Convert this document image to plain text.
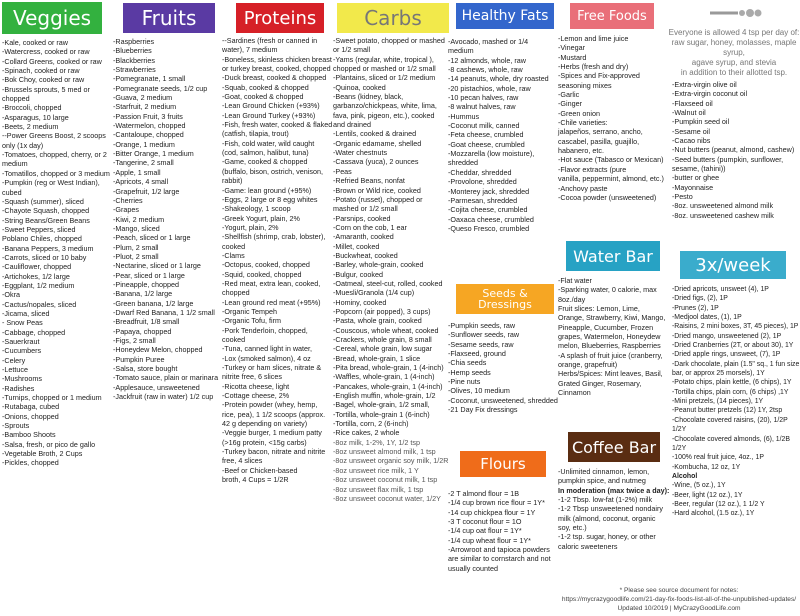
Veggies
-Kale, cooked or raw
-Watercress, cooked or raw
-Collard Greens, cooked or raw
-Spinach, cooked or raw
-Bok Choy, cooked or raw
-Brussels sprouts, 5 med or
chopped
-Broccoli, chopped
-Asparagus, 10 large
-Beets, 2 medium
--Power Greens Boost, 2 scoops
only (1x day)
-Tomatoes, chopped, cherry, or 2
medium
-Tomatillos, chopped or 3 medium
-Pumpkin (reg or West Indian),
cubed
-Squash (summer), sliced
-Chayote Squash, chopped
-String Beans/Green Beans
-Sweet Peppers, sliced
Poblano Chiles, chopped
-Banana Peppers, 3 medium
-Carrots, sliced or 10 baby
-Cauliflower, chopped
-Artichokes, 1/2 large
-Eggplant, 1/2 medium
-Okra
-Cactus/nopales, sliced
-Jicama, sliced
- Snow Peas
-Cabbage, chopped
-Sauerkraut
-Cucumbers
-Celery
-Lettuce
-Mushrooms
-Radishes
-Turnips, chopped or 1 medium
-Rutabaga, cubed
-Onions, chopped
-Sprouts
-Bamboo Shoots
-Salsa, fresh, or pico de gallo
-Vegetable Broth, 2 Cups
-Pickles, chopped
Fruits
-Raspberries
-Blueberries
-Blackberries
-Strawberries
-Pomegranate, 1 small
-Pomegranate seeds, 1/2 cup
-Guava, 2 medium
-Starfruit, 2 medium
-Passion Fruit, 3 fruits
-Watermelon, chopped
-Cantaloupe, chopped
-Orange, 1 medium
-Bitter Orange, 1 medium
-Tangerine, 2 small
-Apple, 1 small
-Apricots, 4 small
-Grapefruit, 1/2 large
-Cherries
-Grapes
-Kiwi, 2 medium
-Mango, sliced
-Peach, sliced or 1 large
-Plum, 2 small
-Pluot, 2 small
-Nectarine, sliced or 1 large
-Pear, sliced or 1 large
-Pineapple, chopped
-Banana, 1/2 large
-Green banana, 1/2 large
-Dwarf Red Banana, 1 1/2 small
-Breadfruit, 1/8 small
-Papaya, chopped
-Figs, 2 small
-Honeydew Melon, chopped
-Pumpkin Puree
-Salsa, store bought
-Tomato sauce, plain or marinara
-Applesauce, unsweetened
-Jackfruit (raw in water) 1/2 cup
Proteins
--Sardines (fresh or canned in
water), 7 medium
-Boneless, skinless chicken breast
or turkey breast, cooked, chopped
-Duck breast, cooked & chopped
-Squab, cooked & chopped
-Goat, cooked & chopped
-Lean Ground Chicken (+93%)
-Lean Ground Turkey (+93%)
-Fish, fresh water, cooked & flaked
(catfish, tilapia, trout)
-Fish, cold water, wild caught
(cod, salmon, halibut, tuna)
-Game, cooked & chopped
(buffalo, bison, ostrich, venison,
rabbit)
-Game: lean ground (+95%)
-Eggs, 2 large or 8 egg whites
-Shakeology, 1 scoop
-Greek Yogurt, plain, 2%
-Yogurt, plain, 2%
-Shellfish (shrimp, crab, lobster),
cooked
-Clams
-Octopus, cooked, chopped
-Squid, cooked, chopped
-Red meat, extra lean, cooked,
chopped
-Lean ground red meat (+95%)
-Organic Tempeh
-Organic Tofu, firm
-Pork Tenderloin, chopped,
cooked
-Tuna, canned light in water,
-Lox (smoked salmon), 4 oz
-Turkey or ham slices, nitrate &
nitrite free, 6 slices
-Ricotta cheese, light
-Cottage cheese, 2%
-Protein powder (whey, hemp,
rice, pea), 1 1/2 scoops (approx.
42 g depending on variety)
-Veggie burger, 1 medium patty
(>16g protein, <15g carbs)
-Turkey bacon, nitrate and nitrite
free, 4 slices
-Beef or Chicken-based
broth, 4 Cups = 1/2R
Carbs
-Sweet potato, chopped or mashed
or 1/2 small
-Yams (regular, white, tropical ),
chopped or mashed or 1/2 small
-Plantains, sliced or 1/2 medium
-Quinoa, cooked
-Beans (kidney, black,
garbanzo/chickpeas, white, lima,
fava, pink, pigeon, etc.), cooked
and drained
-Lentils, cooked & drained
-Organic edamame, shelled
-Water chestnuts
-Cassava (yuca), 2 ounces
-Peas
-Refried Beans, nonfat
-Brown or Wild rice, cooked
-Potato (russet), chopped or
mashed or 1/2 small
-Parsnips, cooked
-Corn on the cob, 1 ear
-Amaranth, cooked
-Millet, cooked
-Buckwheat, cooked
-Barley, whole-grain, cooked
-Bulgur, cooked
-Oatmeal, steel-cut, rolled, cooked
-Muesli/Granola (1/4 cup)
-Hominy, cooked
-Popcorn (air popped), 3 cups)
-Pasta, whole grain, cooked
-Couscous, whole wheat, cooked
-Crackers, whole grain, 8 small
-Cereal, whole grain, low sugar
-Bread, whole-grain, 1 slice
-Pita bread, whole-grain, 1 (4-inch)
-Waffles, whole-grain, 1 (4-inch)
-Pancakes, whole-grain, 1 (4-inch)
-English muffin, whole-grain, 1/2
-Bagel, whole-grain, 1/2 small,
-Tortilla, whole-grain 1 (6-inch)
-Tortilla, corn, 2 (6-inch)
-Rice cakes, 2 whole
-8oz milk, 1-2%, 1Y, 1/2 tsp
-8oz unsweet almond milk, 1 tsp
-8oz unsweet organic soy milk, 1/2R
-8oz unsweet rice milk, 1 Y
-8oz unsweet coconut milk, 1 tsp
-8oz unsweet flax milk, 1 tsp
-8oz unsweet coconut water, 1/2Y
Healthy Fats
-Avocado, mashed or 1/4
medium
-12 almonds, whole, raw
-8 cashews, whole, raw
-14 peanuts, whole, dry roasted
-20 pistachios, whole, raw
-10 pecan halves, raw
-8 walnut halves, raw
-Hummus
-Coconut milk, canned
-Feta cheese, crumbled
-Goat cheese, crumbled
-Mozzarella (low moisture),
shredded
-Cheddar, shredded
-Provolone, shredded
-Monterey jack, shredded
-Parmesan, shredded
-Cojita cheese, crumbled
-Oaxaca cheese, crumbled
-Queso Fresco, crumbled
Seeds &
Dressings
-Pumpkin seeds, raw
-Sunflower seeds, raw
-Sesame seeds, raw
-Flaxseed, ground
-Chia seeds
-Hemp seeds
-Pine nuts
-Olives, 10 medium
-Coconut, unsweetened, shredded
-21 Day Fix dressings
Flours
-2 T almond flour = 1B
-1/4 cup brown rice flour = 1Y*
-14 cup chickpea flour = 1Y
-3 T coconut flour = 1O
-1/4 cup oat flour = 1Y*
-1/4 cup wheat flour = 1Y*
-Arrowroot and tapioca powders
are similar to cornstarch and not
usually counted
Free Foods
-Lemon and lime juice
-Vinegar
-Mustard
-Herbs (fresh and dry)
-Spices and Fix-approved
seasoning mixes
-Garlic
-Ginger
-Green onion
-Chile varieties:
jalapeños, serrano, ancho,
cascabel, pasilla, guajillo,
habanero, etc.
-Hot sauce (Tabasco or Mexican)
-Flavor extracts (pure
vanilla, peppermint, almond, etc.)
-Anchovy paste
-Cocoa powder (unsweetened)
Water Bar
-Flat water
-Sparking water, 0 calorie, max
8oz./day
Fruit slices: Lemon, Lime,
Orange, Strawberry, Kiwi, Mango,
Pineapple, Cucumber, Frozen
grapes, Watermelon, Honeydew
melon, Blueberries, Raspberries
-A splash of fruit juice (cranberry,
orange, grapefruit)
Herbs/Spices: Mint leaves, Basil,
Grated Ginger, Rosemary,
Cinnamon
Coffee Bar
-Unlimited cinnamon, lemon,
pumpkin spice, and nutmeg
In moderation (max twice a day):
-1-2 Tbsp. low-fat (1-2%) milk
-1-2 Tbsp unsweetened nondairy
milk (almond, coconut, organic
soy, etc.)
-1-2 tsp. sugar, honey, or other
caloric sweeteners
Everyone is allowed 4 tsp per day of:
raw sugar, honey, molasses, maple syrup,
agave syrup, and stevia
in addition to their allotted tsp.
-Extra-virgin olive oil
-Extra-virgin coconut oil
-Flaxseed oil
-Walnut oil
-Pumpkin seed oil
-Sesame oil
-Cacao nibs
-Nut butters (peanut, almond, cashew)
-Seed butters (pumpkin, sunflower,
sesame, (tahini))
-butter or ghee
-Mayonnaise
-Pesto
-8oz. unsweetened almond milk
-8oz. unsweetened cashew milk
3x/week
-Dried apricots, unsweet (4), 1P
-Dried figs, (2), 1P
-Prunes (2), 1P
-Medjool dates, (1), 1P
-Raisins, 2 mini boxes, 3T, 45 pieces), 1P
-Dried mango, unsweetened (2), 1P
-Dried Cranberries (2T, or about 30), 1Y
-Dried apple rings, unsweet, (7), 1P
-Dark chocolate, plain (1.5" sq., 1 fun size
bar, or approx 25 morsels), 1Y
-Potato chips, plain kettle, (6 chips), 1Y
-Tortilla chips, plain corn, (6 chips) ,1Y
-Mini pretzels, (14 pieces), 1Y
-Peanut butter pretzels (12) 1Y, 2tsp
-Chocolate covered raisins, (20), 1/2P
1/2Y
-Chocolate covered almonds, (6), 1/2B
1/2Y
-100% real fruit juice, 4oz., 1P
-Kombucha, 12 oz, 1Y
Alcohol
-Wine, (5 oz.), 1Y
-Beer, light (12 oz.), 1Y
-Beer, regular (12 oz.), 1 1/2 Y
-Hard alcohol, (1.5 oz.), 1Y
* Please see source document for notes:
https://mycrazygoodlife.com/21-day-fix-foods-list-all-of-the-unpublished-updates/
Updated 10/2019 | MyCrazyGoodLife.com
